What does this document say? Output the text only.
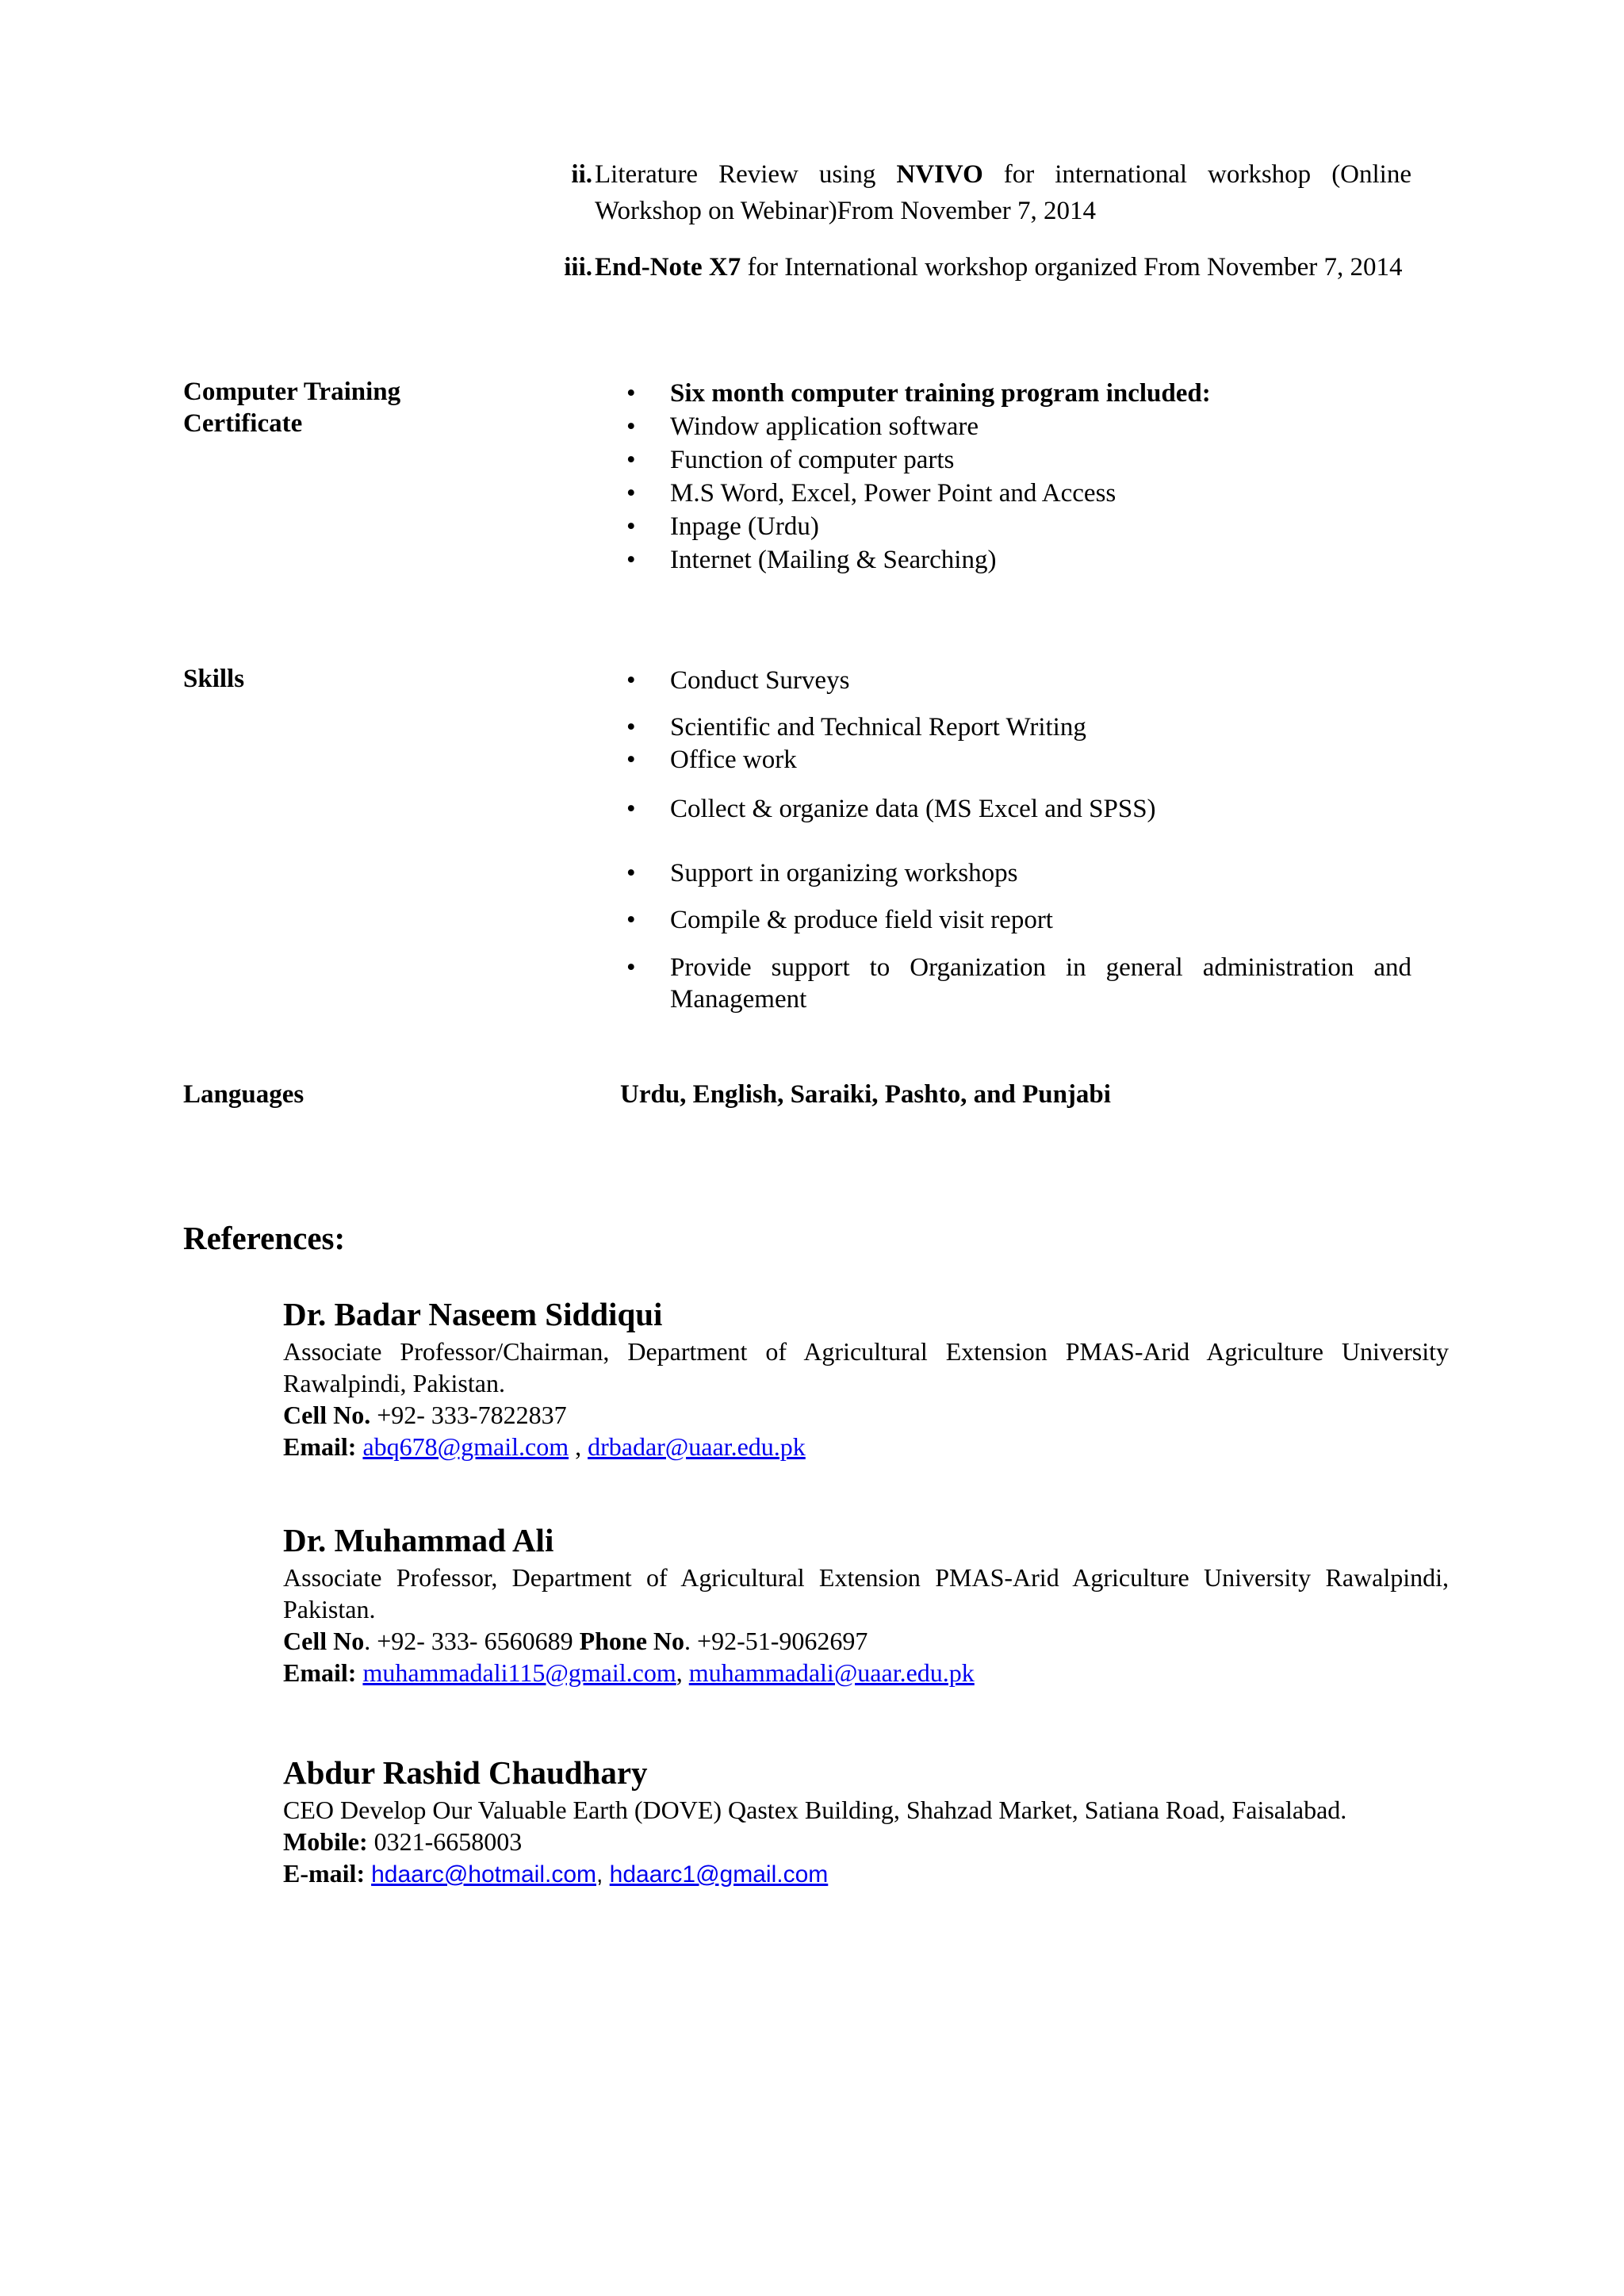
ii. Literature Review using NVIVO for international workshop (Online Workshop on Webinar)From November 7, 2014
iii. End-Note X7 for International workshop organized From November 7, 2014
Computer Training
Certificate
• Six month computer training program included:
• Window application software
• Function of computer parts
• M.S Word, Excel, Power Point and Access
• Inpage (Urdu)
• Internet (Mailing & Searching)
Skills	• Conduct Surveys
• Scientific and Technical Report Writing
• Office work
• Collect & organize data (MS Excel and SPSS)
• Support in organizing workshops
• Compile & produce field visit report
• Provide support to Organization in general administration and Management
Languages	Urdu, English, Saraiki, Pashto, and Punjabi
References:
Dr. Badar Naseem Siddiqui
Associate Professor/Chairman, Department of Agricultural Extension PMAS-Arid Agriculture University Rawalpindi, Pakistan.
Cell No. +92- 333-7822837
Email: abq678@gmail.com , drbadar@uaar.edu.pk
Dr. Muhammad Ali
Associate Professor, Department of Agricultural Extension PMAS-Arid Agriculture University Rawalpindi, Pakistan.
Cell No. +92- 333- 6560689 Phone No. +92-51-9062697
Email: muhammadali115@gmail.com, muhammadali@uaar.edu.pk
Abdur Rashid Chaudhary
CEO Develop Our Valuable Earth (DOVE) Qastex Building, Shahzad Market, Satiana Road, Faisalabad.
Mobile: 0321-6658003
E-mail: hdaarc@hotmail.com, hdaarc1@gmail.com
